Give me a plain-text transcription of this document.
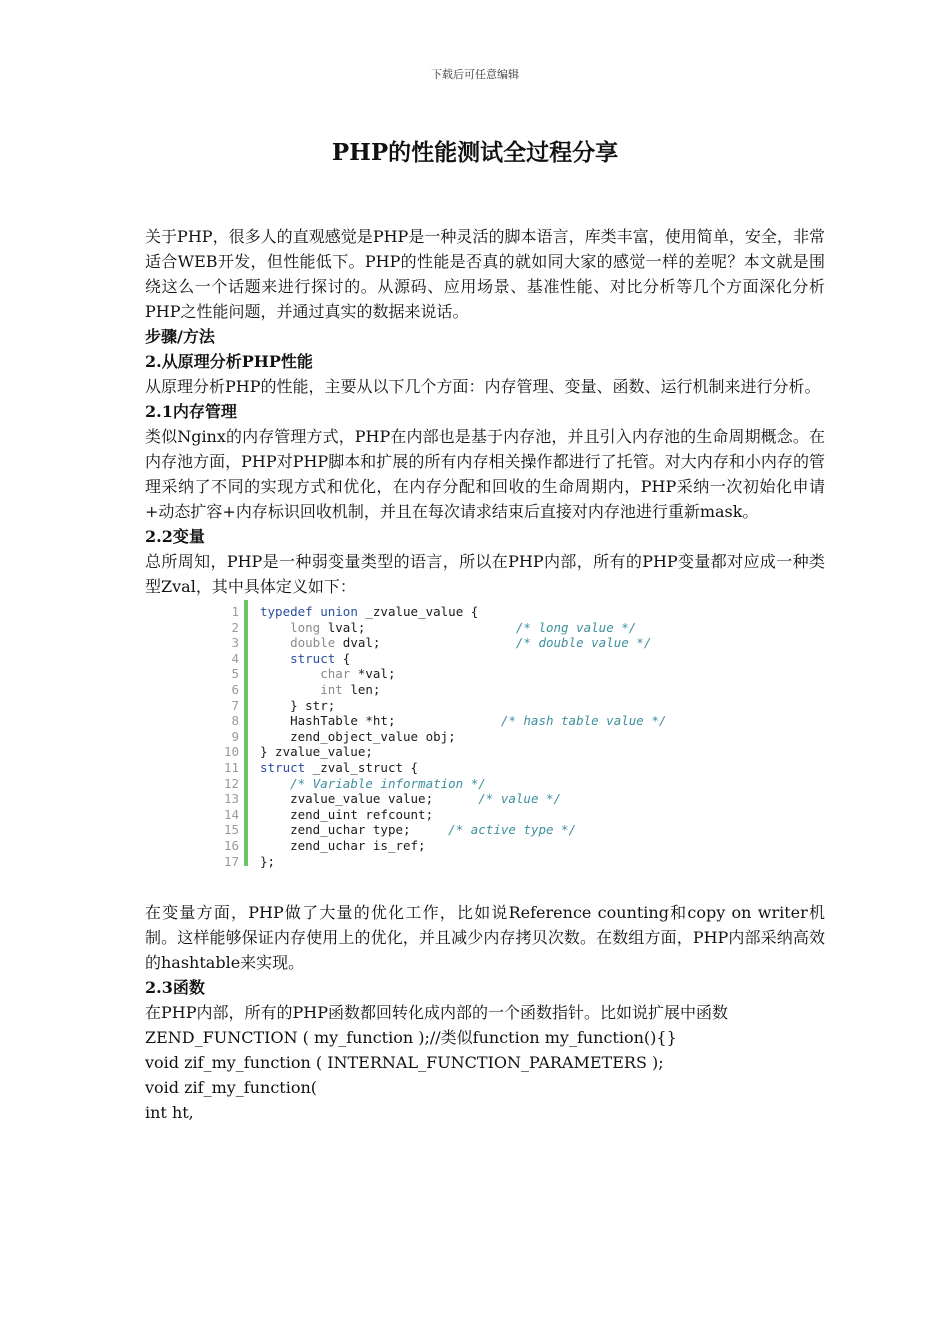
下载后可任意编辑
PHP的性能测试全过程分享

关于PHP，很多人的直观感觉是PHP是一种灵活的脚本语言，库类丰富，使用简单，安全，非常适合WEB开发，但性能低下。PHP的性能是否真的就如同大家的感觉一样的差呢？本文就是围绕这么一个话题来进行探讨的。从源码、应用场景、基准性能、对比分析等几个方面深化分析PHP之性能问题，并通过真实的数据来说话。

步骤/方法

2.从原理分析PHP性能

从原理分析PHP的性能，主要从以下几个方面：内存管理、变量、函数、运行机制来进行分析。

2.1内存管理

类似Nginx的内存管理方式，PHP在内部也是基于内存池，并且引入内存池的生命周期概念。在内存池方面，PHP对PHP脚本和扩展的所有内存相关操作都进行了托管。对大内存和小内存的管理采纳了不同的实现方式和优化，在内存分配和回收的生命周期内，PHP采纳一次初始化申请+动态扩容+内存标识回收机制，并且在每次请求结束后直接对内存池进行重新mask。

2.2变量

总所周知，PHP是一种弱变量类型的语言，所以在PHP内部，所有的PHP变量都对应成一种类型Zval，其中具体定义如下：

1
2
3
4
5
6
7
8
9
10
11
12
13
14
15
16
17
typedef union _zvalue_value {
long lval;	/* long value */
double dval;	/* double value */
struct {
char *val;
int len;
} str;
HashTable *ht;	/* hash table value */
zend_object_value obj;
} zvalue_value;
struct _zval_struct {
/* Variable information */
zvalue_value value;	/* value */
zend_uint refcount;
zend_uchar type;	/* active type */
zend_uchar is_ref;
};

在变量方面，PHP做了大量的优化工作，比如说Reference counting和copy on writer机制。这样能够保证内存使用上的优化，并且减少内存拷贝次数。在数组方面，PHP内部采纳高效的hashtable来实现。

2.3函数

在PHP内部，所有的PHP函数都回转化成内部的一个函数指针。比如说扩展中函数

ZEND_FUNCTION ( my_function );//类似function my_function(){}

void zif_my_function ( INTERNAL_FUNCTION_PARAMETERS );

void zif_my_function(

int ht,
